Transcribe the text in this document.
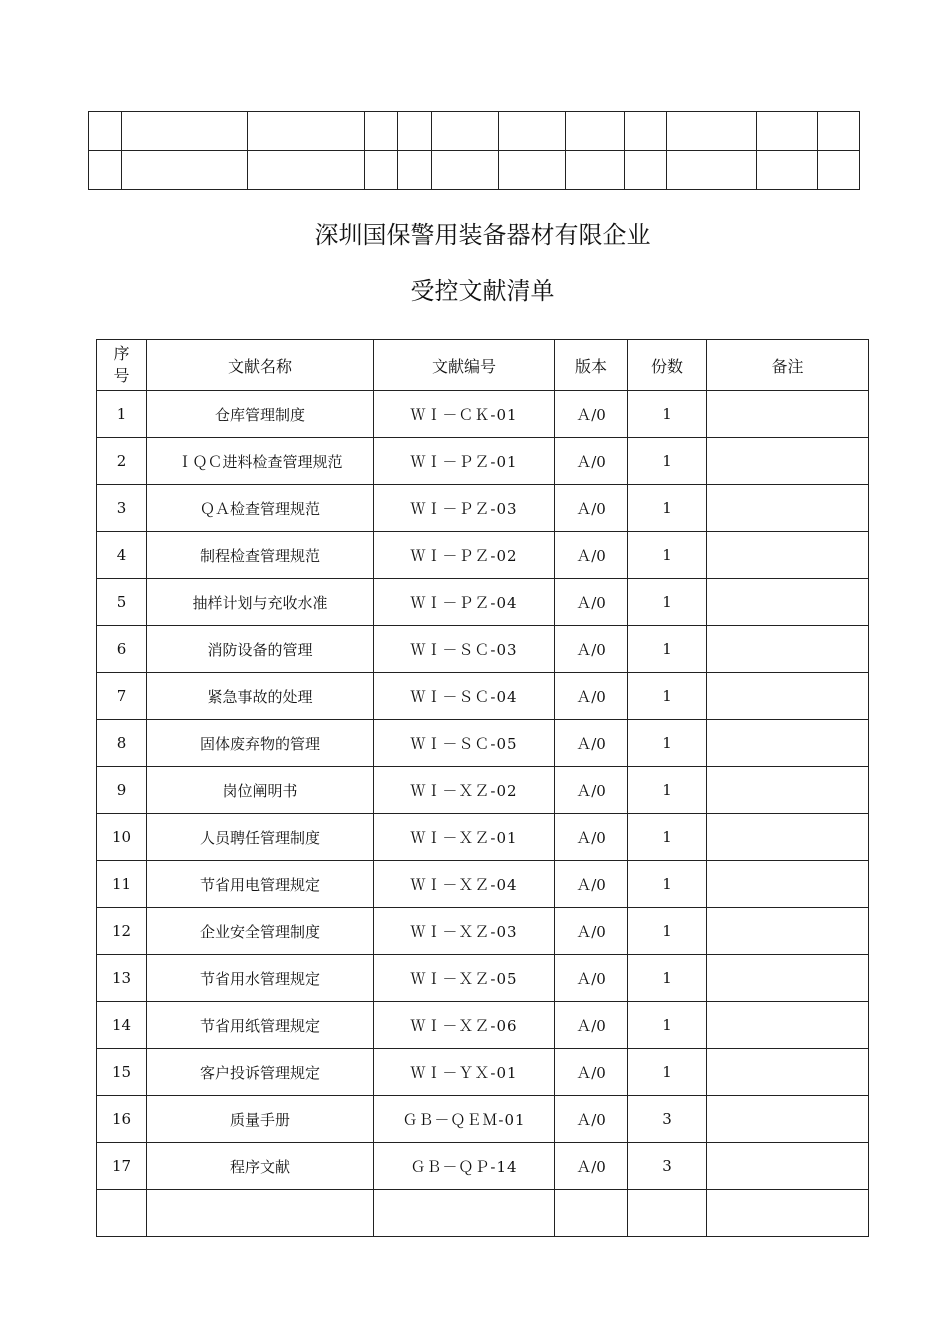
深圳国保警用装备器材有限企业
受控文献清单
序
号	文献名称	文献编号	版本	份数	备注
1	仓库管理制度	ＷＩ－ＣＫ-01	Ａ/0	1	
2	ＩＱＣ进料检查管理规范	ＷＩ－ＰＺ-01	Ａ/0	1	
3	ＱＡ检查管理规范	ＷＩ－ＰＺ-03	Ａ/0	1	
4	制程检查管理规范	ＷＩ－ＰＺ-02	Ａ/0	1	
5	抽样计划与充收水准	ＷＩ－ＰＺ-04	Ａ/0	1	
6	消防设备的管理	ＷＩ－ＳＣ-03	Ａ/0	1	
7	紧急事故的处理	ＷＩ－ＳＣ-04	Ａ/0	1	
8	固体废弃物的管理	ＷＩ－ＳＣ-05	Ａ/0	1	
9	岗位阐明书	ＷＩ－ＸＺ-02	Ａ/0	1	
10	人员聘任管理制度	ＷＩ－ＸＺ-01	Ａ/0	1	
11	节省用电管理规定	ＷＩ－ＸＺ-04	Ａ/0	1	
12	企业安全管理制度	ＷＩ－ＸＺ-03	Ａ/0	1	
13	节省用水管理规定	ＷＩ－ＸＺ-05	Ａ/0	1	
14	节省用纸管理规定	ＷＩ－ＸＺ-06	Ａ/0	1	
15	客户投诉管理规定	ＷＩ－ＹＸ-01	Ａ/0	1	
16	质量手册	ＧＢ－ＱＥＭ-01	Ａ/0	3	
17	程序文献	ＧＢ－ＱＰ-14	Ａ/0	3	
